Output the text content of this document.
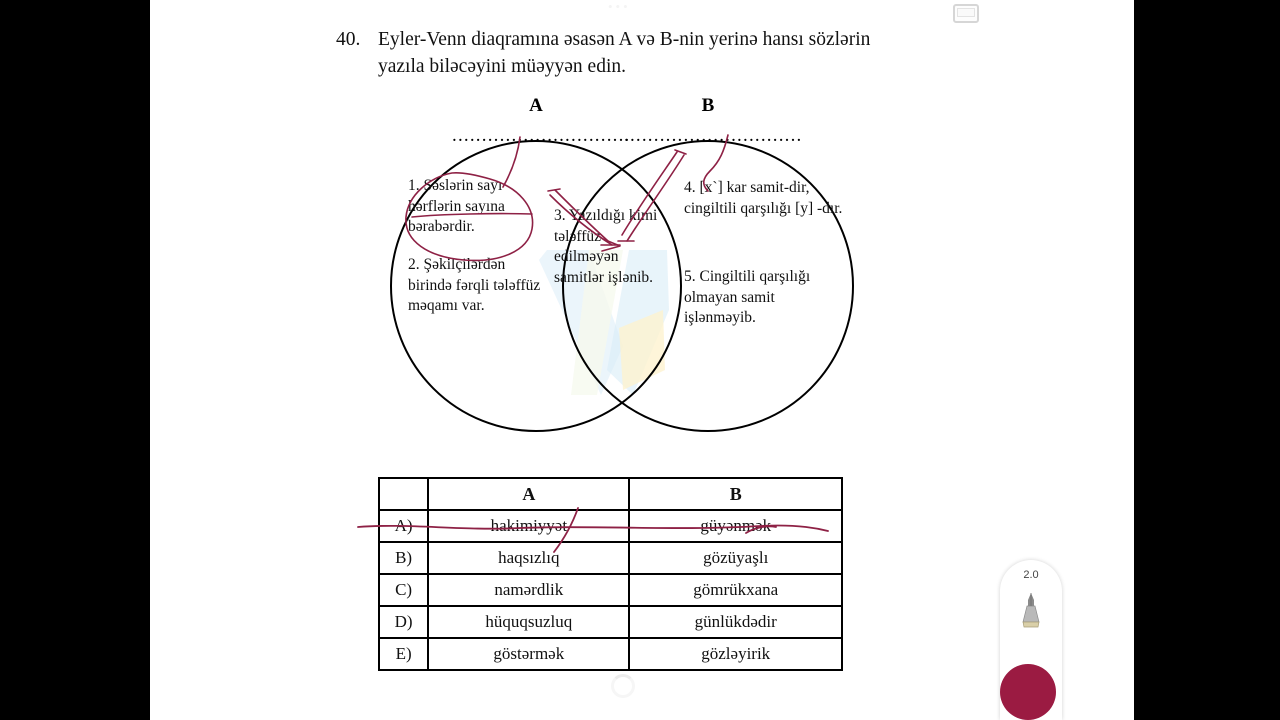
40. Eyler-Venn diaqramına əsasən A və B-nin yerinə hansı sözlərin yazıla biləcəyini müəyyən edin.
A	B
..............................
..............................
1. Səslərin sayı hərflərin sayına bərabərdir.
2. Şəkilçilərdən birində fərqli tələffüz məqamı var.
3. Yazıldığı kimi tələffüz edilməyən samitlər işlənib.
4. [x`] kar samit-dir, cingiltili qarşılığı [y] -dır.
5. Cingiltili qarşılığı olmayan samit işlənməyib.
	A	B
A)	hakimiyyət	güyənmək
B)	haqsızlıq	gözüyaşlı
C)	namərdlik	gömrükxana
D)	hüquqsuzluq	günlükdədir
E)	göstərmək	gözləyirik
•••
2.0
